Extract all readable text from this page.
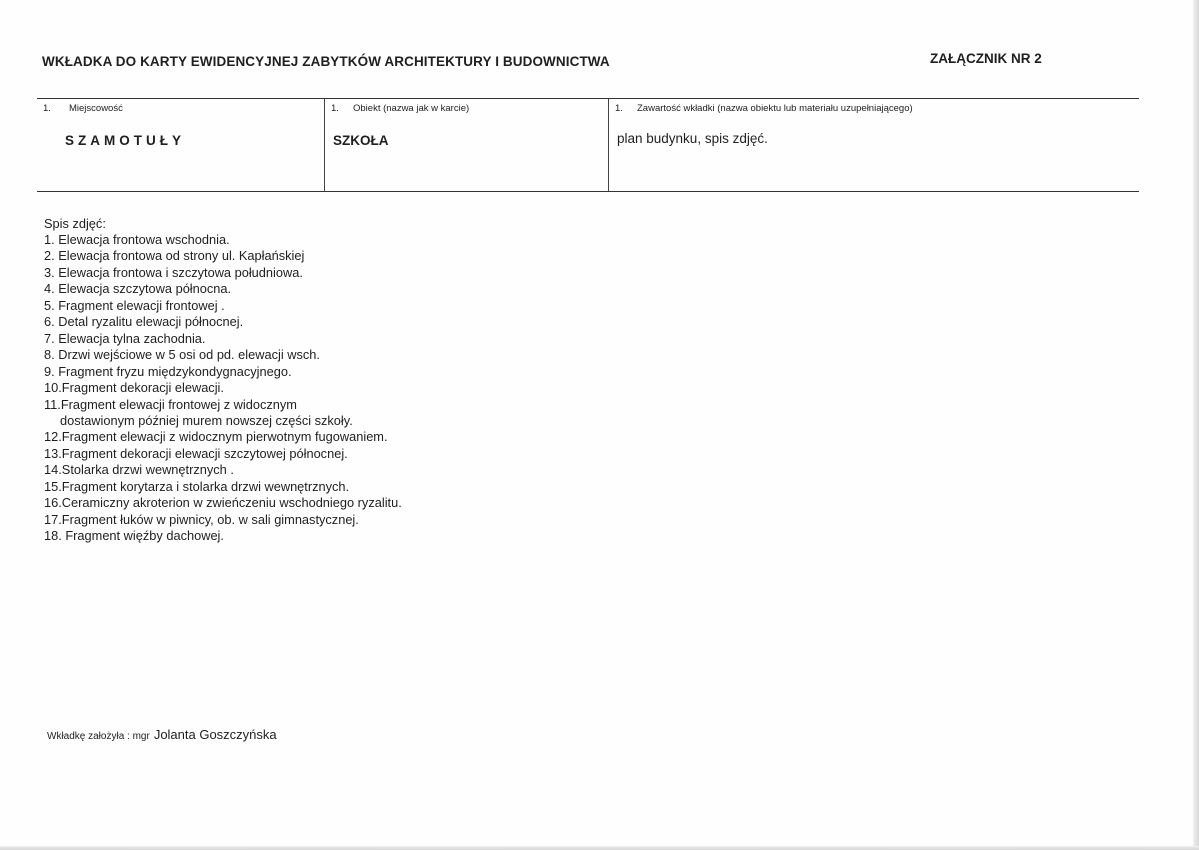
WKŁADKA DO KARTY EWIDENCYJNEJ ZABYTKÓW ARCHITEKTURY I BUDOWNICTWA	ZAŁĄCZNIK NR 2
1. Miejscowość
SZAMOTUŁY
1. Obiekt (nazwa jak w karcie)
SZKOŁA
1. Zawartość wkładki (nazwa obiektu lub materiału uzupełniającego)
plan budynku, spis zdjęć.
Spis zdjęć:
1. Elewacja frontowa wschodnia.
2. Elewacja frontowa od strony ul. Kapłańskiej
3. Elewacja frontowa i szczytowa południowa.
4. Elewacja szczytowa północna.
5. Fragment elewacji frontowej .
6. Detal ryzalitu elewacji północnej.
7. Elewacja tylna zachodnia.
8. Drzwi wejściowe w 5 osi od pd. elewacji wsch.
9. Fragment fryzu międzykondygnacyjnego.
10.Fragment dekoracji elewacji.
11.Fragment elewacji frontowej z widocznym
dostawionym później murem nowszej części szkoły.
12.Fragment elewacji z widocznym pierwotnym fugowaniem.
13.Fragment dekoracji elewacji szczytowej północnej.
14.Stolarka drzwi wewnętrznych .
15.Fragment korytarza i stolarka drzwi wewnętrznych.
16.Ceramiczny akroterion w zwieńczeniu wschodniego ryzalitu.
17.Fragment łuków w piwnicy, ob. w sali gimnastycznej.
18. Fragment więźby dachowej.
Wkładkę założyła : mgr Jolanta Goszczyńska
